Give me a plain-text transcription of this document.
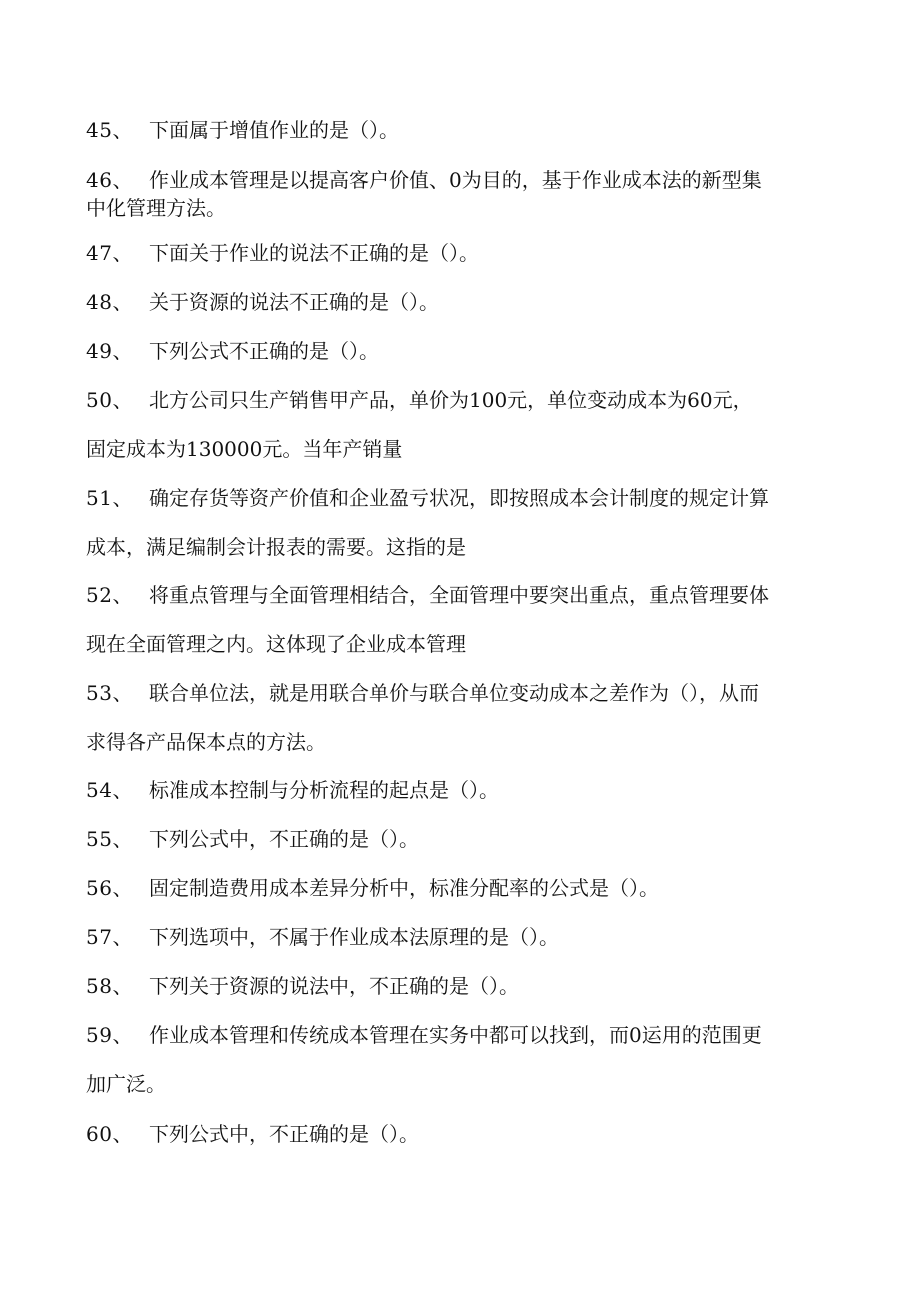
45、 下面属于增值作业的是（）。
46、 作业成本管理是以提高客户价值、0为目的，基于作业成本法的新型集
中化管理方法。
47、 下面关于作业的说法不正确的是（）。
48、 关于资源的说法不正确的是（）。
49、 下列公式不正确的是（）。
50、 北方公司只生产销售甲产品，单价为100元，单位变动成本为60元，
固定成本为130000元。当年产销量
51、 确定存货等资产价值和企业盈亏状况，即按照成本会计制度的规定计算
成本，满足编制会计报表的需要。这指的是
52、 将重点管理与全面管理相结合，全面管理中要突出重点，重点管理要体
现在全面管理之内。这体现了企业成本管理
53、 联合单位法，就是用联合单价与联合单位变动成本之差作为（），从而
求得各产品保本点的方法。
54、 标准成本控制与分析流程的起点是（）。
55、 下列公式中，不正确的是（）。
56、 固定制造费用成本差异分析中，标准分配率的公式是（）。
57、 下列选项中，不属于作业成本法原理的是（）。
58、 下列关于资源的说法中，不正确的是（）。
59、 作业成本管理和传统成本管理在实务中都可以找到，而0运用的范围更
加广泛。
60、 下列公式中，不正确的是（）。
